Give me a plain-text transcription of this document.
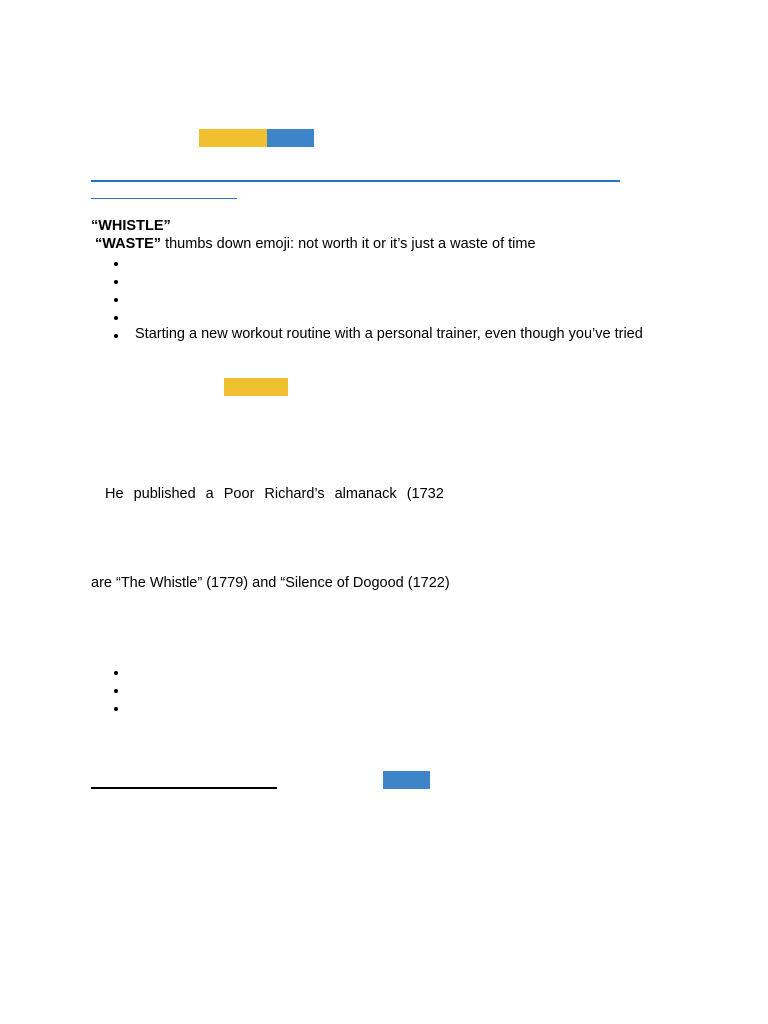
“WHISTLE”
“WASTE” thumbs down emoji: not worth it or it’s just a waste of time
Starting a new workout routine with a personal trainer, even though you’ve tried
He published a Poor Richard’s almanack (1732
are “The Whistle” (1779) and “Silence of Dogood (1722)
